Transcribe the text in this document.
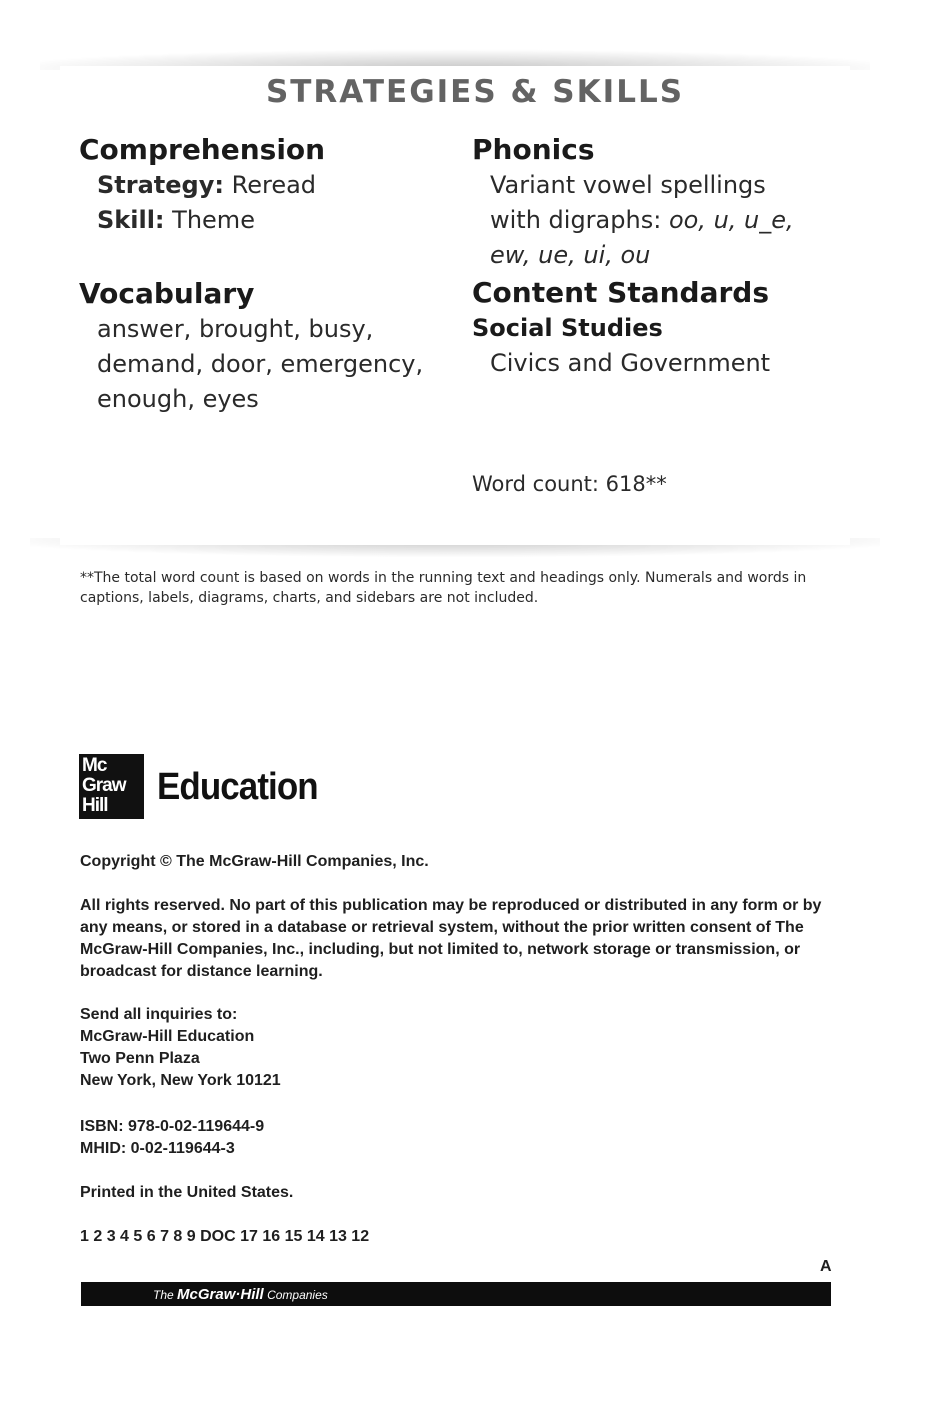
STRATEGIES & SKILLS
Comprehension
Strategy: Reread
Skill: Theme
Vocabulary
answer, brought, busy,
demand, door, emergency,
enough, eyes
Phonics
Variant vowel spellings
with digraphs: oo, u, u_e,
ew, ue, ui, ou
Content Standards
Social Studies
Civics and Government
Word count: 618**
**The total word count is based on words in the running text and headings only. Numerals and words in captions, labels, diagrams, charts, and sidebars are not included.
Mc
Graw
Hill	Education
Copyright © The McGraw-Hill Companies, Inc.
All rights reserved. No part of this publication may be reproduced or distributed in any form or by
any means, or stored in a database or retrieval system, without the prior written consent of The
McGraw-Hill Companies, Inc., including, but not limited to, network storage or transmission, or
broadcast for distance learning.
Send all inquiries to:
McGraw-Hill Education
Two Penn Plaza
New York, New York 10121
ISBN: 978-0-02-119644-9
MHID: 0-02-119644-3
Printed in the United States.
1 2 3 4 5 6 7 8 9 DOC 17 16 15 14 13 12
A
The McGraw·Hill Companies
